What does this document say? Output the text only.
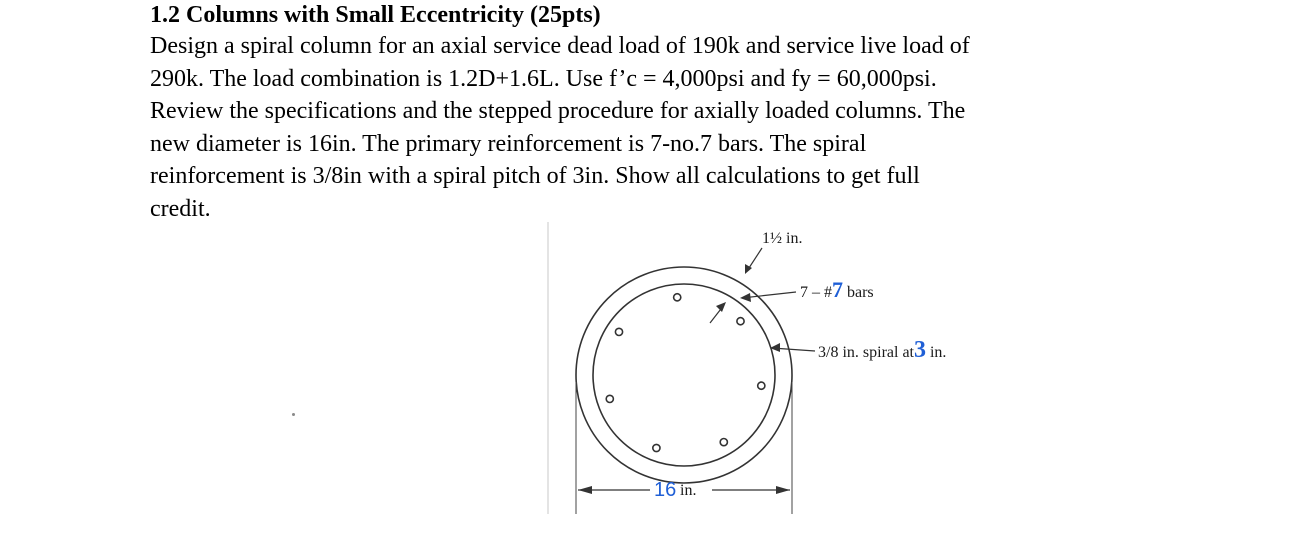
1.2 Columns with Small Eccentricity (25pts)

Design a spiral column for an axial service dead load of 190k and service live load of

290k. The load combination is 1.2D+1.6L. Use f’c = 4,000psi and fy = 60,000psi.

Review the specifications and the stepped procedure for axially loaded columns. The

new diameter is 16in. The primary reinforcement is 7-no.7 bars. The spiral

reinforcement is 3/8in with a spiral pitch of 3in. Show all calculations to get full

credit.

16 in.
1½ in.
7 – #7 bars
3/8 in. spiral at3 in.
